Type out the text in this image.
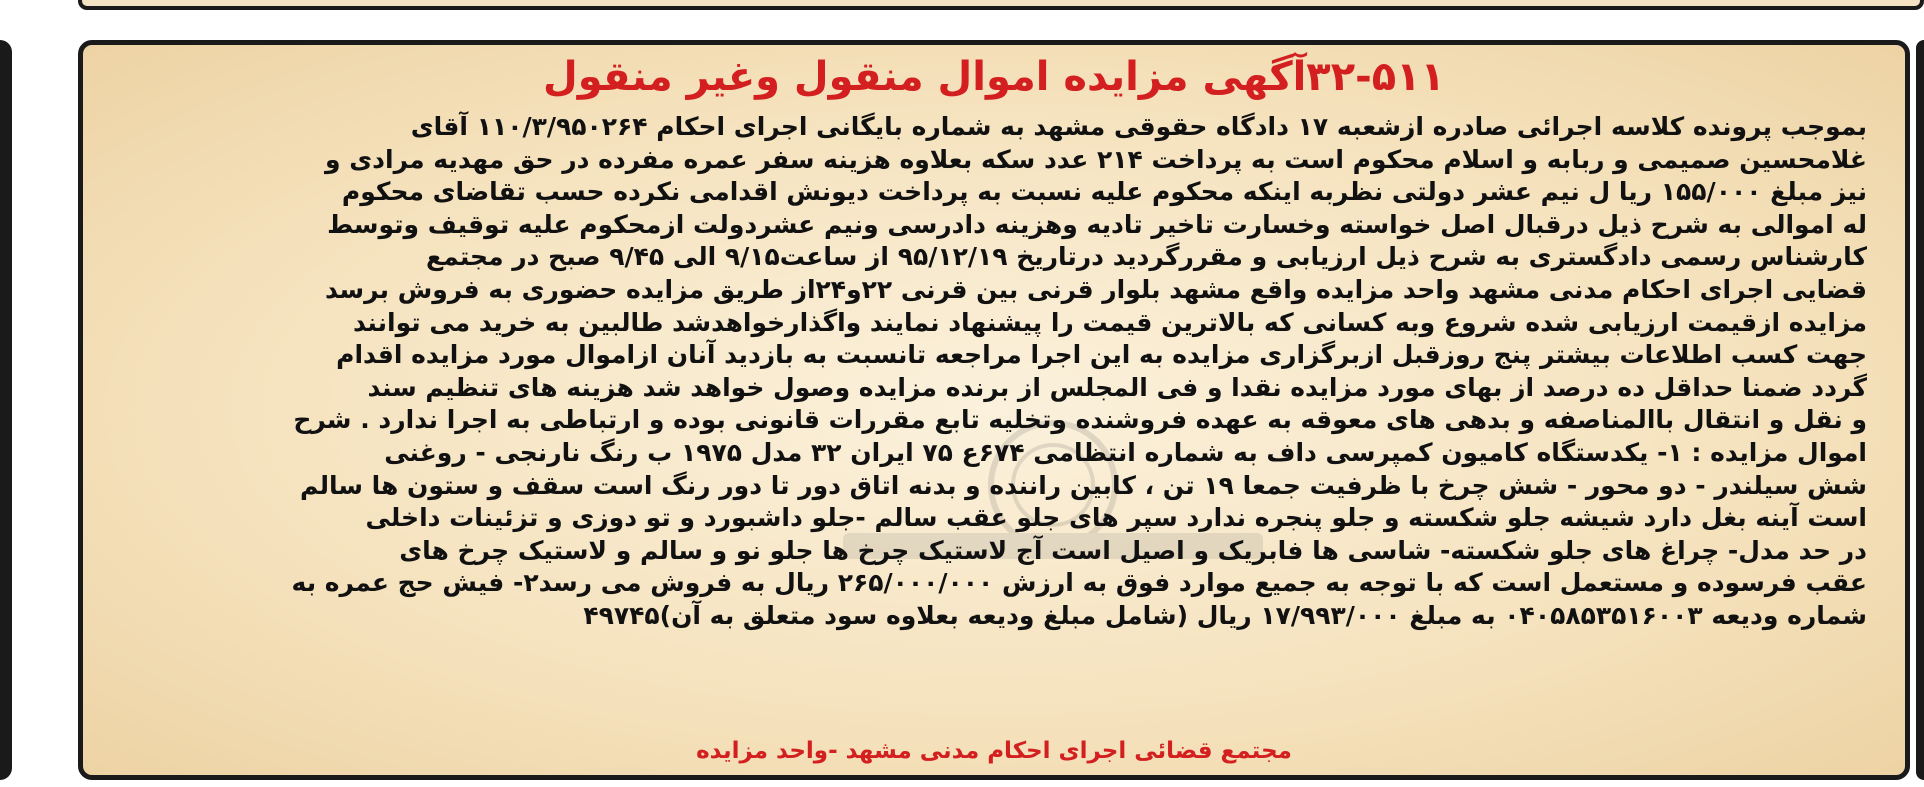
۳۲-۵۱۱آگهی مزایده اموال منقول وغیر منقول
بموجب پرونده کلاسه اجرائی صادره ازشعبه ۱۷ دادگاه حقوقی مشهد به شماره بایگانی اجرای احکام ۱۱۰/۳/۹۵۰۲۶۴ آقای
غلامحسین صمیمی و ربابه و اسلام محکوم است به پرداخت ۲۱۴ عدد سکه بعلاوه هزینه سفر عمره مفرده در حق مهدیه مرادی و
نیز مبلغ ۱۵۵/۰۰۰ ریا ل نیم عشر دولتی نظربه اینکه محکوم علیه نسبت به پرداخت دیونش اقدامی نکرده حسب تقاضای محکوم
له اموالی به شرح ذیل درقبال اصل خواسته وخسارت تاخیر تادیه وهزینه دادرسی ونیم عشردولت ازمحکوم علیه توقیف وتوسط
کارشناس رسمی دادگستری به شرح ذیل ارزیابی و مقررگردید درتاریخ ۹۵/۱۲/۱۹ از ساعت۹/۱۵ الی ۹/۴۵ صبح در مجتمع
قضایی اجرای احکام مدنی مشهد واحد مزایده واقع مشهد بلوار قرنی بین قرنی ۲۲و۲۴از طریق مزایده حضوری به فروش برسد
مزایده ازقیمت ارزیابی شده شروع وبه کسانی که بالاترین قیمت را پیشنهاد نمایند واگذارخواهدشد طالبین به خرید می توانند
جهت کسب اطلاعات بیشتر پنج روزقبل ازبرگزاری مزایده به این اجرا مراجعه تانسبت به بازدید آنان ازاموال مورد مزایده اقدام
گردد ضمنا حداقل ده درصد از بهای مورد مزایده نقدا و فی المجلس از برنده مزایده وصول خواهد شد هزینه های تنظیم سند
و نقل و انتقال باالمناصفه و بدهی های معوقه به عهده فروشنده وتخلیه تابع مقررات قانونی بوده و ارتباطی به اجرا ندارد . شرح
اموال مزایده : ۱- یکدستگاه کامیون کمپرسی داف به شماره انتظامی ۶۷۴ع ۷۵ ایران ۳۲ مدل ۱۹۷۵ ب رنگ نارنجی - روغنی
شش سیلندر - دو محور - شش چرخ با ظرفیت جمعا ۱۹ تن ، کابین راننده و بدنه اتاق دور تا دور رنگ است سقف و ستون ها سالم
است آینه بغل دارد شیشه جلو شکسته و جلو پنجره ندارد سپر های جلو عقب سالم -جلو داشبورد و تو دوزی و تزئینات داخلی
در حد مدل- چراغ های جلو شکسته- شاسی ها فابریک و اصیل است آج لاستیک چرخ ها جلو نو و سالم و لاستیک چرخ های
عقب فرسوده و مستعمل است که با توجه به جمیع موارد فوق به ارزش ۲۶۵/۰۰۰/۰۰۰ ریال به فروش می رسد۲- فیش حج عمره به
شماره ودیعه ۰۴۰۵۸۵۳۵۱۶۰۰۳ به مبلغ ۱۷/۹۹۳/۰۰۰ ریال (شامل مبلغ ودیعه بعلاوه سود متعلق به آن)۴۹۷۴۵
مجتمع قضائی اجرای احکام مدنی مشهد -واحد مزایده
